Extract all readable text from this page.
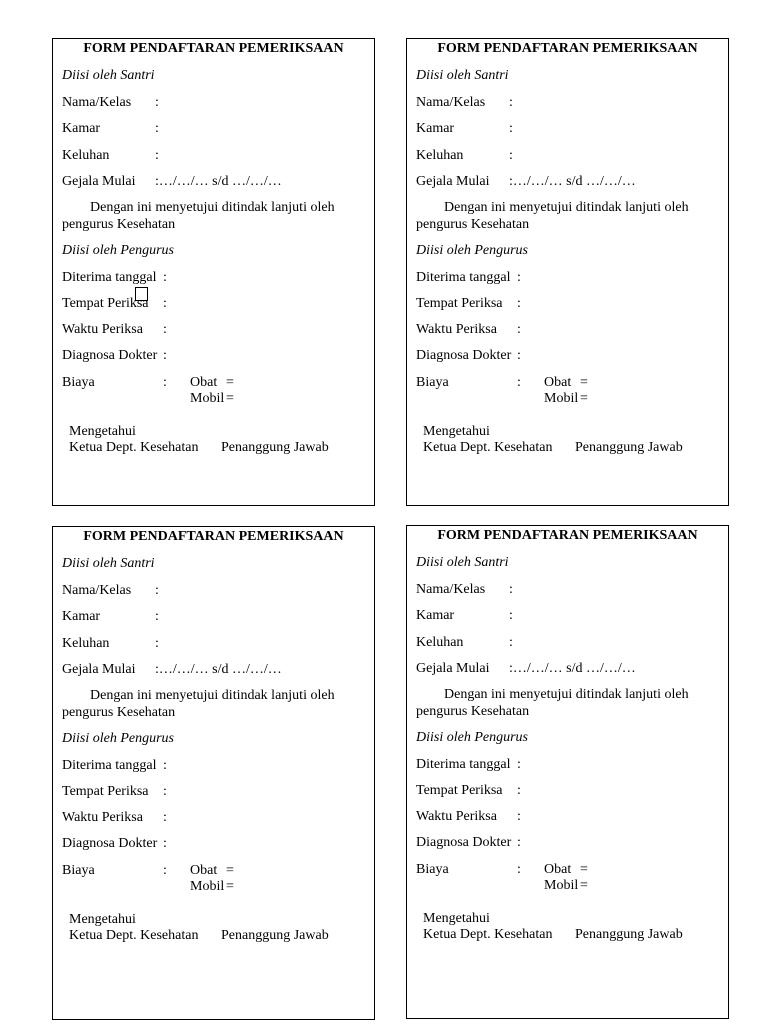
FORM PENDAFTARAN PEMERIKSAAN
Diisi oleh Santri
Nama/Kelas :
Kamar	:
Keluhan	:
Gejala Mulai :…/…/… s/d …/…/…
Dengan ini menyetujui ditindak lanjuti oleh
pengurus Kesehatan
Diisi oleh Pengurus
Diterima tanggal :
Tempat Periksa :
Waktu Periksa :
Diagnosa Dokter :
Biaya	: Obat =
Mobil =
Mengetahui
Ketua Dept. Kesehatan Penanggung Jawab
FORM PENDAFTARAN PEMERIKSAAN
Diisi oleh Santri
Nama/Kelas :
Kamar	:
Keluhan	:
Gejala Mulai :…/…/… s/d …/…/…
Dengan ini menyetujui ditindak lanjuti oleh
pengurus Kesehatan
Diisi oleh Pengurus
Diterima tanggal :
Tempat Periksa :
Waktu Periksa :
Diagnosa Dokter :
Biaya	: Obat =
Mobil =
Mengetahui
Ketua Dept. Kesehatan Penanggung Jawab
FORM PENDAFTARAN PEMERIKSAAN
Diisi oleh Santri
Nama/Kelas :
Kamar	:
Keluhan	:
Gejala Mulai :…/…/… s/d …/…/…
Dengan ini menyetujui ditindak lanjuti oleh
pengurus Kesehatan
Diisi oleh Pengurus
Diterima tanggal :
Tempat Periksa :
Waktu Periksa :
Diagnosa Dokter :
Biaya	: Obat =
Mobil =
Mengetahui
Ketua Dept. Kesehatan Penanggung Jawab
FORM PENDAFTARAN PEMERIKSAAN
Diisi oleh Santri
Nama/Kelas :
Kamar	:
Keluhan	:
Gejala Mulai :…/…/… s/d …/…/…
Dengan ini menyetujui ditindak lanjuti oleh
pengurus Kesehatan
Diisi oleh Pengurus
Diterima tanggal :
Tempat Periksa :
Waktu Periksa :
Diagnosa Dokter :
Biaya	: Obat =
Mobil =
Mengetahui
Ketua Dept. Kesehatan Penanggung Jawab
